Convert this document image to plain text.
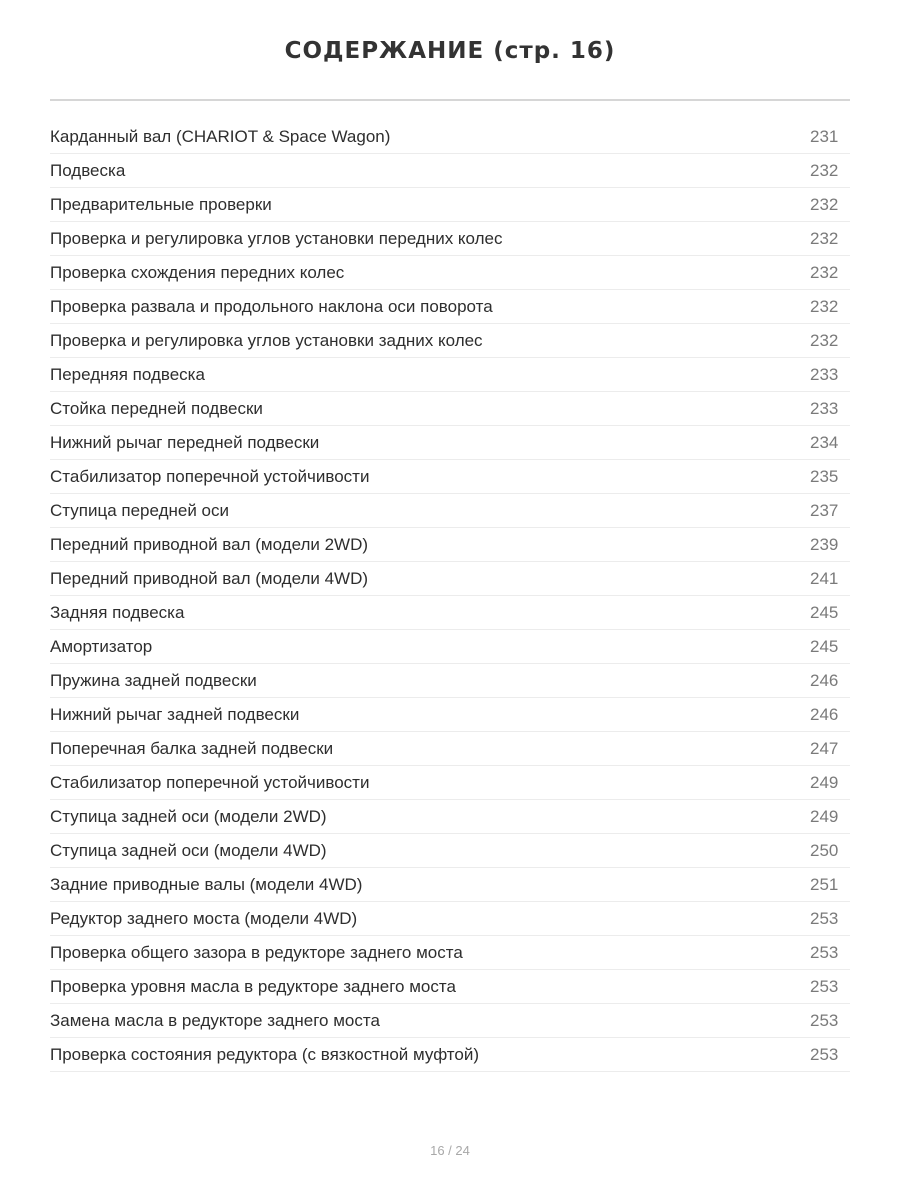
СОДЕРЖАНИЕ (стр. 16)
Карданный вал (CHARIOT & Space Wagon)	231
Подвеска	232
Предварительные проверки	232
Проверка и регулировка углов установки передних колес	232
Проверка схождения передних колес	232
Проверка развала и продольного наклона оси поворота	232
Проверка и регулировка углов установки задних колес	232
Передняя подвеска	233
Стойка передней подвески	233
Нижний рычаг передней подвески	234
Стабилизатор поперечной устойчивости	235
Ступица передней оси	237
Передний приводной вал (модели 2WD)	239
Передний приводной вал (модели 4WD)	241
Задняя подвеска	245
Амортизатор	245
Пружина задней подвески	246
Нижний рычаг задней подвески	246
Поперечная балка задней подвески	247
Стабилизатор поперечной устойчивости	249
Ступица задней оси (модели 2WD)	249
Ступица задней оси (модели 4WD)	250
Задние приводные валы (модели 4WD)	251
Редуктор заднего моста (модели 4WD)	253
Проверка общего зазора в редукторе заднего моста	253
Проверка уровня масла в редукторе заднего моста	253
Замена масла в редукторе заднего моста	253
Проверка состояния редуктора (с вязкостной муфтой)	253
16 / 24
